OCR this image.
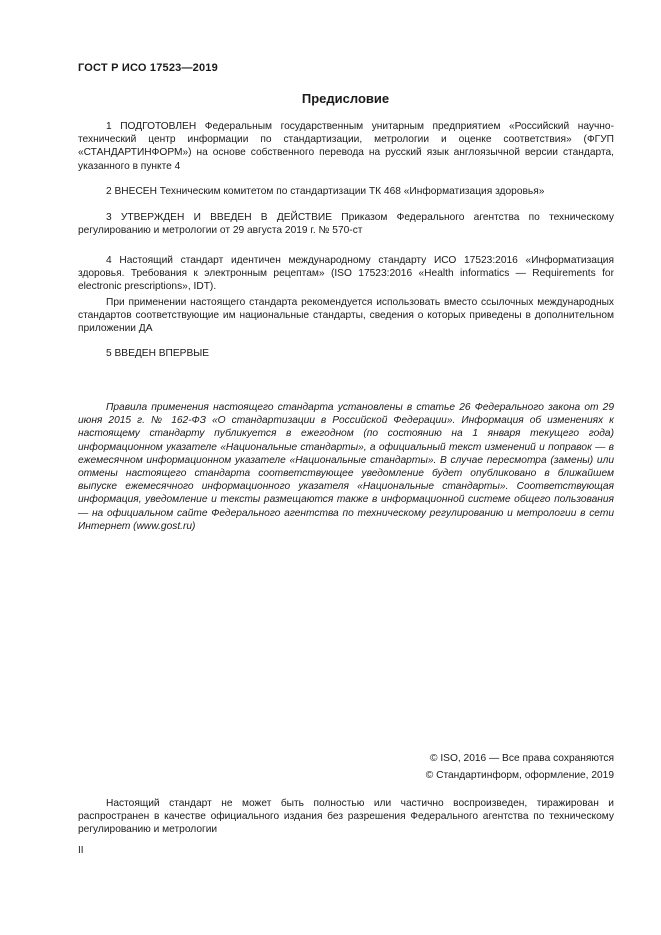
ГОСТ Р ИСО 17523—2019
Предисловие

1 ПОДГОТОВЛЕН Федеральным государственным унитарным предприятием «Российский научно-технический центр информации по стандартизации, метрологии и оценке соответствия» (ФГУП «СТАНДАРТИНФОРМ») на основе собственного перевода на русский язык англоязычной версии стандарта, указанного в пункте 4

2 ВНЕСЕН Техническим комитетом по стандартизации ТК 468 «Информатизация здоровья»

3 УТВЕРЖДЕН И ВВЕДЕН В ДЕЙСТВИЕ Приказом Федерального агентства по техническому регулированию и метрологии от 29 августа 2019 г. № 570-ст

4 Настоящий стандарт идентичен международному стандарту ИСО 17523:2016 «Информатизация здоровья. Требования к электронным рецептам» (ISO 17523:2016 «Health informatics — Requirements for electronic prescriptions», IDT).

При применении настоящего стандарта рекомендуется использовать вместо ссылочных международных стандартов соответствующие им национальные стандарты, сведения о которых приведены в дополнительном приложении ДА

5 ВВЕДЕН ВПЕРВЫЕ

Правила применения настоящего стандарта установлены в статье 26 Федерального закона от 29 июня 2015 г. № 162-ФЗ «О стандартизации в Российской Федерации». Информация об изменениях к настоящему стандарту публикуется в ежегодном (по состоянию на 1 января текущего года) информационном указателе «Национальные стандарты», а официальный текст изменений и поправок — в ежемесячном информационном указателе «Национальные стандарты». В случае пересмотра (замены) или отмены настоящего стандарта соответствующее уведомление будет опубликовано в ближайшем выпуске ежемесячного информационного указателя «Национальные стандарты». Соответствующая информация, уведомление и тексты размещаются также в информационной системе общего пользования — на официальном сайте Федерального агентства по техническому регулированию и метрологии в сети Интернет (www.gost.ru)

© ISO, 2016 — Все права сохраняются
© Стандартинформ, оформление, 2019

Настоящий стандарт не может быть полностью или частично воспроизведен, тиражирован и распространен в качестве официального издания без разрешения Федерального агентства по техническому регулированию и метрологии

II
